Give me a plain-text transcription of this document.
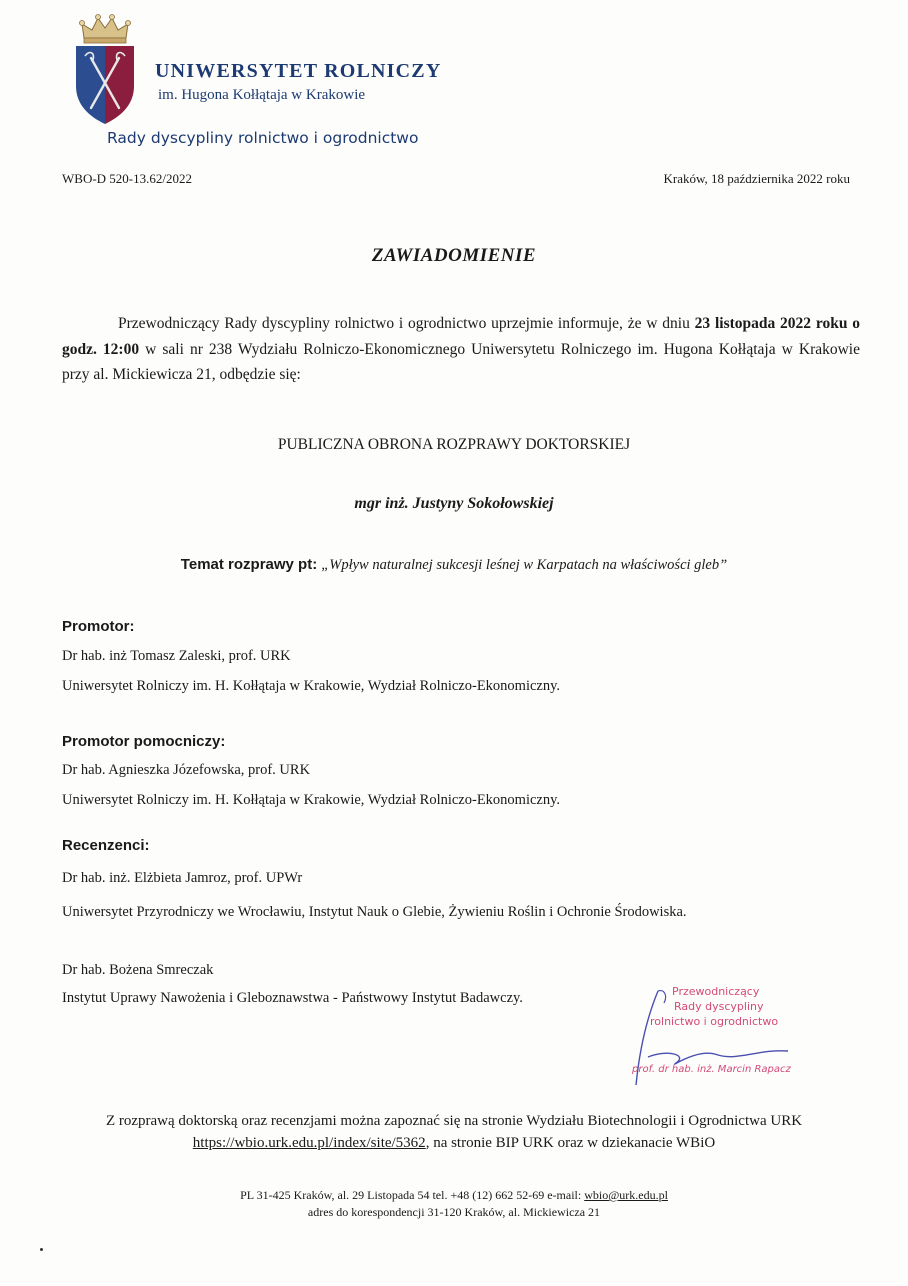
UNIWERSYTET ROLNICZY
im. Hugona Kołłątaja w Krakowie
Rady dyscypliny rolnictwo i ogrodnictwo
WBO-D 520-13.62/2022	Kraków, 18 października 2022 roku
ZAWIADOMIENIE

Przewodniczący Rady dyscypliny rolnictwo i ogrodnictwo uprzejmie informuje, że w dniu 23 listopada 2022 roku o godz. 12:00 w sali nr 238 Wydziału Rolniczo-Ekonomicznego Uniwersytetu Rolniczego im. Hugona Kołłątaja w Krakowie przy al. Mickiewicza 21, odbędzie się:

PUBLICZNA OBRONA ROZPRAWY DOKTORSKIEJ
mgr inż. Justyny Sokołowskiej
Temat rozprawy pt: „Wpływ naturalnej sukcesji leśnej w Karpatach na właściwości gleb”
Promotor:
Dr hab. inż Tomasz Zaleski, prof. URK
Uniwersytet Rolniczy im. H. Kołłątaja w Krakowie, Wydział Rolniczo-Ekonomiczny.
Promotor pomocniczy:
Dr hab. Agnieszka Józefowska, prof. URK
Uniwersytet Rolniczy im. H. Kołłątaja w Krakowie, Wydział Rolniczo-Ekonomiczny.
Recenzenci:
Dr hab. inż. Elżbieta Jamroz, prof. UPWr
Uniwersytet Przyrodniczy we Wrocławiu, Instytut Nauk o Glebie, Żywieniu Roślin i Ochronie Środowiska.
Dr hab. Bożena Smreczak
Instytut Uprawy Nawożenia i Gleboznawstwa - Państwowy Instytut Badawczy.	Przewodniczący
Rady dyscypliny
rolnictwo i ogrodnictwo
prof. dr hab. inż. Marcin Rapacz
Z rozprawą doktorską oraz recenzjami można zapoznać się na stronie Wydziału Biotechnologii i Ogrodnictwa URK
https://wbio.urk.edu.pl/index/site/5362, na stronie BIP URK oraz w dziekanacie WBiO
PL 31-425 Kraków, al. 29 Listopada 54 tel. +48 (12) 662 52-69 e-mail: wbio@urk.edu.pl
adres do korespondencji 31-120 Kraków, al. Mickiewicza 21
